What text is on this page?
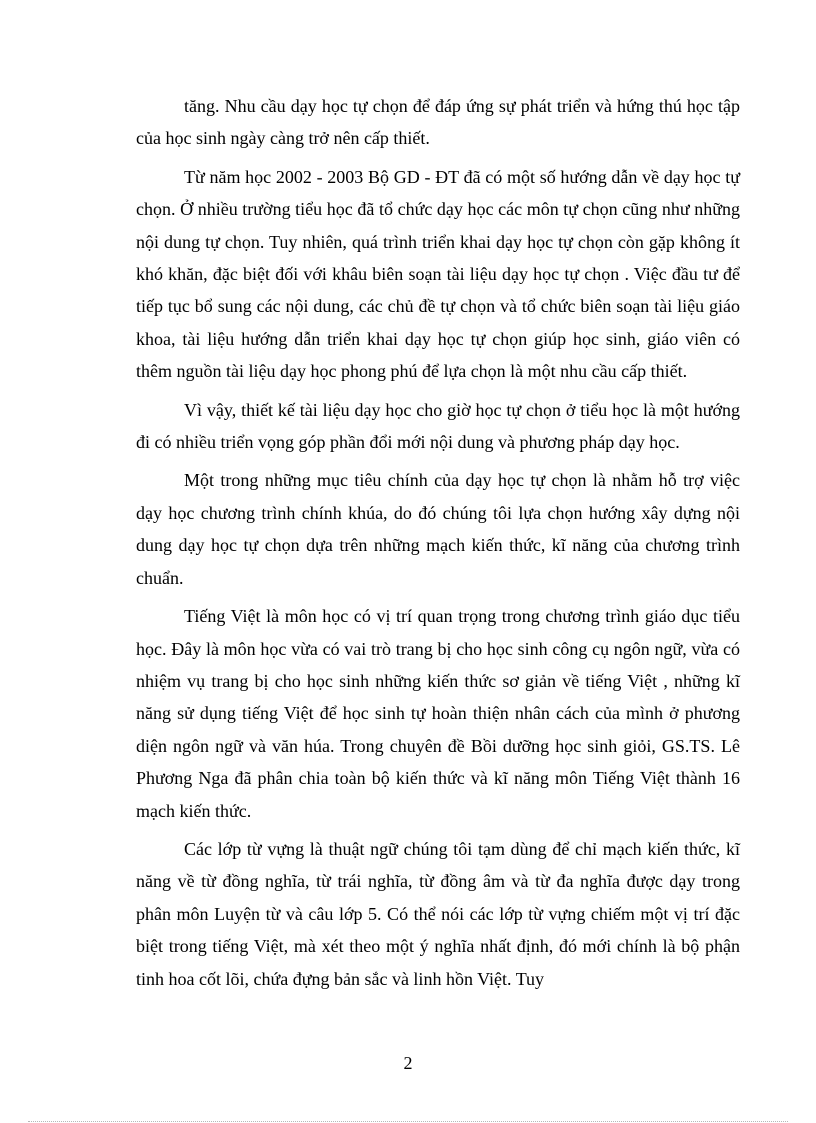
tăng. Nhu cầu dạy học tự chọn để đáp ứng sự phát triển và hứng thú học tập của học sinh ngày càng trở nên cấp thiết.

Từ năm học 2002 - 2003 Bộ GD - ĐT đã có một số hướng dẫn về dạy học tự chọn. Ở nhiều trường tiểu học đã tổ chức dạy học các môn tự chọn cũng như những nội dung tự chọn. Tuy nhiên, quá trình triển khai dạy học tự chọn còn gặp không ít khó khăn, đặc biệt đối với khâu biên soạn tài liệu dạy học tự chọn . Việc đầu tư để tiếp tục bổ sung các nội dung, các chủ đề tự chọn và tổ chức biên soạn tài liệu giáo khoa, tài liệu hướng dẫn triển khai dạy học tự chọn giúp học sinh, giáo viên có thêm nguồn tài liệu dạy học phong phú để lựa chọn là một nhu cầu cấp thiết.

Vì vậy, thiết kế tài liệu dạy học cho giờ học tự chọn ở tiểu học là một hướng đi có nhiều triển vọng góp phần đổi mới nội dung và phương pháp dạy học.

Một trong những mục tiêu chính của dạy học tự chọn là nhằm hỗ trợ việc dạy học chương trình chính khúa, do đó chúng tôi lựa chọn hướng xây dựng nội dung dạy học tự chọn dựa trên những mạch kiến thức, kĩ năng của chương trình chuẩn.

Tiếng Việt là môn học có vị trí quan trọng trong chương trình giáo dục tiểu học. Đây là môn học vừa có vai trò trang bị cho học sinh công cụ ngôn ngữ, vừa có nhiệm vụ trang bị cho học sinh những kiến thức sơ giản về tiếng Việt , những kĩ năng sử dụng tiếng Việt để học sinh tự hoàn thiện nhân cách của mình ở phương diện ngôn ngữ và văn húa. Trong chuyên đề Bồi dưỡng học sinh giỏi, GS.TS. Lê Phương Nga đã phân chia toàn bộ kiến thức và kĩ năng môn Tiếng Việt thành 16 mạch kiến thức.

Các lớp từ vựng là thuật ngữ chúng tôi tạm dùng để chỉ mạch kiến thức, kĩ năng về từ đồng nghĩa, từ trái nghĩa, từ đồng âm và từ đa nghĩa được dạy trong phân môn Luyện từ và câu lớp 5. Có thể nói các lớp từ vựng chiếm một vị trí đặc biệt trong tiếng Việt, mà xét theo một ý nghĩa nhất định, đó mới chính là bộ phận tinh hoa cốt lõi, chứa đựng bản sắc và linh hồn Việt. Tuy

2
